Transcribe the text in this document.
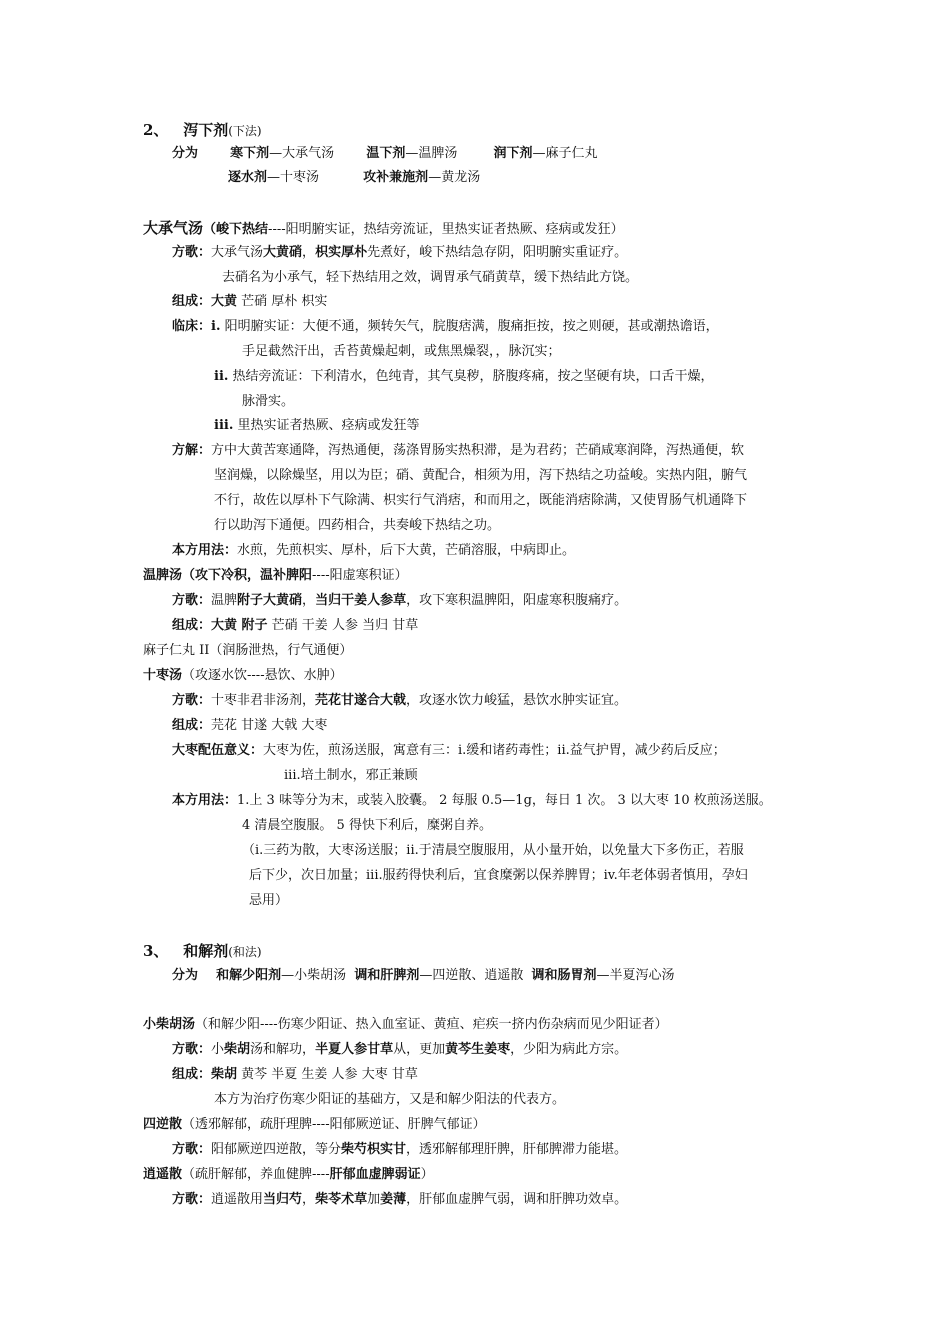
2、 泻下剂(下法)
分为 寒下剂—大承气汤 温下剂—温脾汤	润下剂—麻子仁丸
逐水剂—十枣汤	攻补兼施剂—黄龙汤
大承气汤（峻下热结----阳明腑实证，热结旁流证，里热实证者热厥、痉病或发狂）
方歌：大承气汤大黄硝，枳实厚朴先煮好，峻下热结急存阴，阳明腑实重证疗。
去硝名为小承气，轻下热结用之效，调胃承气硝黄草，缓下热结此方饶。
组成：大黄 芒硝 厚朴 枳实
临床：i. 阳明腑实证：大便不通，频转矢气，脘腹痞满，腹痛拒按，按之则硬，甚或潮热谵语，
手足截然汗出，舌苔黄燥起刺，或焦黑燥裂，，脉沉实；
ii. 热结旁流证：下利清水，色纯青，其气臭秽，脐腹疼痛，按之坚硬有块，口舌干燥，
脉滑实。
iii. 里热实证者热厥、痉病或发狂等
方解：方中大黄苦寒通降，泻热通便，荡涤胃肠实热积滞，是为君药；芒硝咸寒润降，泻热通便，软
坚润燥，以除燥坚，用以为臣；硝、黄配合，相须为用，泻下热结之功益峻。实热内阻，腑气
不行，故佐以厚朴下气除满、枳实行气消痞，和而用之，既能消痞除满，又使胃肠气机通降下
行以助泻下通便。四药相合，共奏峻下热结之功。
本方用法：水煎，先煎枳实、厚朴，后下大黄，芒硝溶服，中病即止。
温脾汤（攻下冷积，温补脾阳----阳虚寒积证）
方歌：温脾附子大黄硝，当归干姜人参草，攻下寒积温脾阳，阳虚寒积腹痛疗。
组成：大黄 附子 芒硝 干姜 人参 当归 甘草
麻子仁丸 II（润肠泄热，行气通便）
十枣汤（攻逐水饮----悬饮、水肿）
方歌：十枣非君非汤剂，芫花甘遂合大戟，攻逐水饮力峻猛，悬饮水肿实证宜。
组成：芫花 甘遂 大戟 大枣
大枣配伍意义：大枣为佐，煎汤送服，寓意有三：i.缓和诸药毒性；ii.益气护胃，减少药后反应；
iii.培土制水，邪正兼顾
本方用法：1.上 3 味等分为末，或装入胶囊。 2 每服 0.5—1g，每日 1 次。 3 以大枣 10 枚煎汤送服。
4 清晨空腹服。 5 得快下利后，糜粥自养。
（i.三药为散，大枣汤送服；ii.于清晨空腹服用，从小量开始，以免量大下多伤正，若服
后下少，次日加量；iii.服药得快利后，宜食糜粥以保养脾胃；iv.年老体弱者慎用，孕妇
忌用）
3、 和解剂(和法)
分为 和解少阳剂—小柴胡汤 调和肝脾剂—四逆散、逍遥散 调和肠胃剂—半夏泻心汤
小柴胡汤（和解少阳----伤寒少阳证、热入血室证、黄疸、疟疾一挤内伤杂病而见少阳证者）
方歌：小柴胡汤和解功，半夏人参甘草从，更加黄芩生姜枣，少阳为病此方宗。
组成：柴胡 黄芩 半夏 生姜 人参 大枣 甘草
本方为治疗伤寒少阳证的基础方，又是和解少阳法的代表方。
四逆散（透邪解郁，疏肝理脾----阳郁厥逆证、肝脾气郁证）
方歌：阳郁厥逆四逆散，等分柴芍枳实甘，透邪解郁理肝脾，肝郁脾滞力能堪。
逍遥散（疏肝解郁，养血健脾----肝郁血虚脾弱证）
方歌：逍遥散用当归芍，柴苓术草加姜薄，肝郁血虚脾气弱，调和肝脾功效卓。
